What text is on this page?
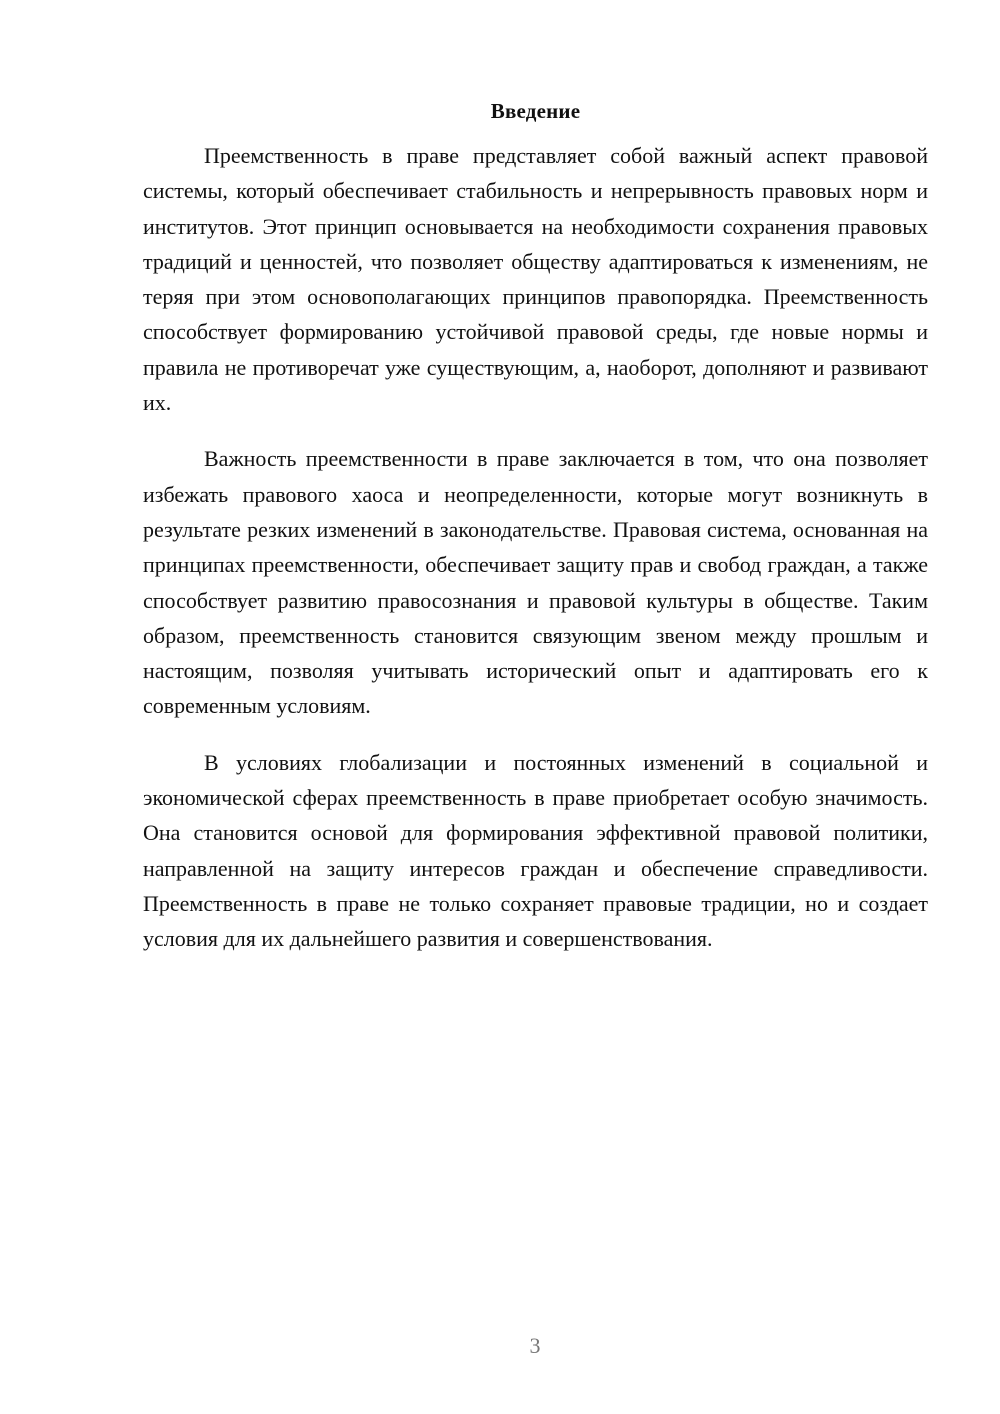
Введение

Преемственность в праве представляет собой важный аспект правовой системы, который обеспечивает стабильность и непрерывность правовых норм и институтов. Этот принцип основывается на необходимости сохранения правовых традиций и ценностей, что позволяет обществу адаптироваться к изменениям, не теряя при этом основополагающих принципов правопорядка. Преемственность способствует формированию устойчивой правовой среды, где новые нормы и правила не противоречат уже существующим, а, наоборот, дополняют и развивают их.

Важность преемственности в праве заключается в том, что она позволяет избежать правового хаоса и неопределенности, которые могут возникнуть в результате резких изменений в законодательстве. Правовая система, основанная на принципах преемственности, обеспечивает защиту прав и свобод граждан, а также способствует развитию правосознания и правовой культуры в обществе. Таким образом, преемственность становится связующим звеном между прошлым и настоящим, позволяя учитывать исторический опыт и адаптировать его к современным условиям.

В условиях глобализации и постоянных изменений в социальной и экономической сферах преемственность в праве приобретает особую значимость. Она становится основой для формирования эффективной правовой политики, направленной на защиту интересов граждан и обеспечение справедливости. Преемственность в праве не только сохраняет правовые традиции, но и создает условия для их дальнейшего развития и совершенствования.

3
